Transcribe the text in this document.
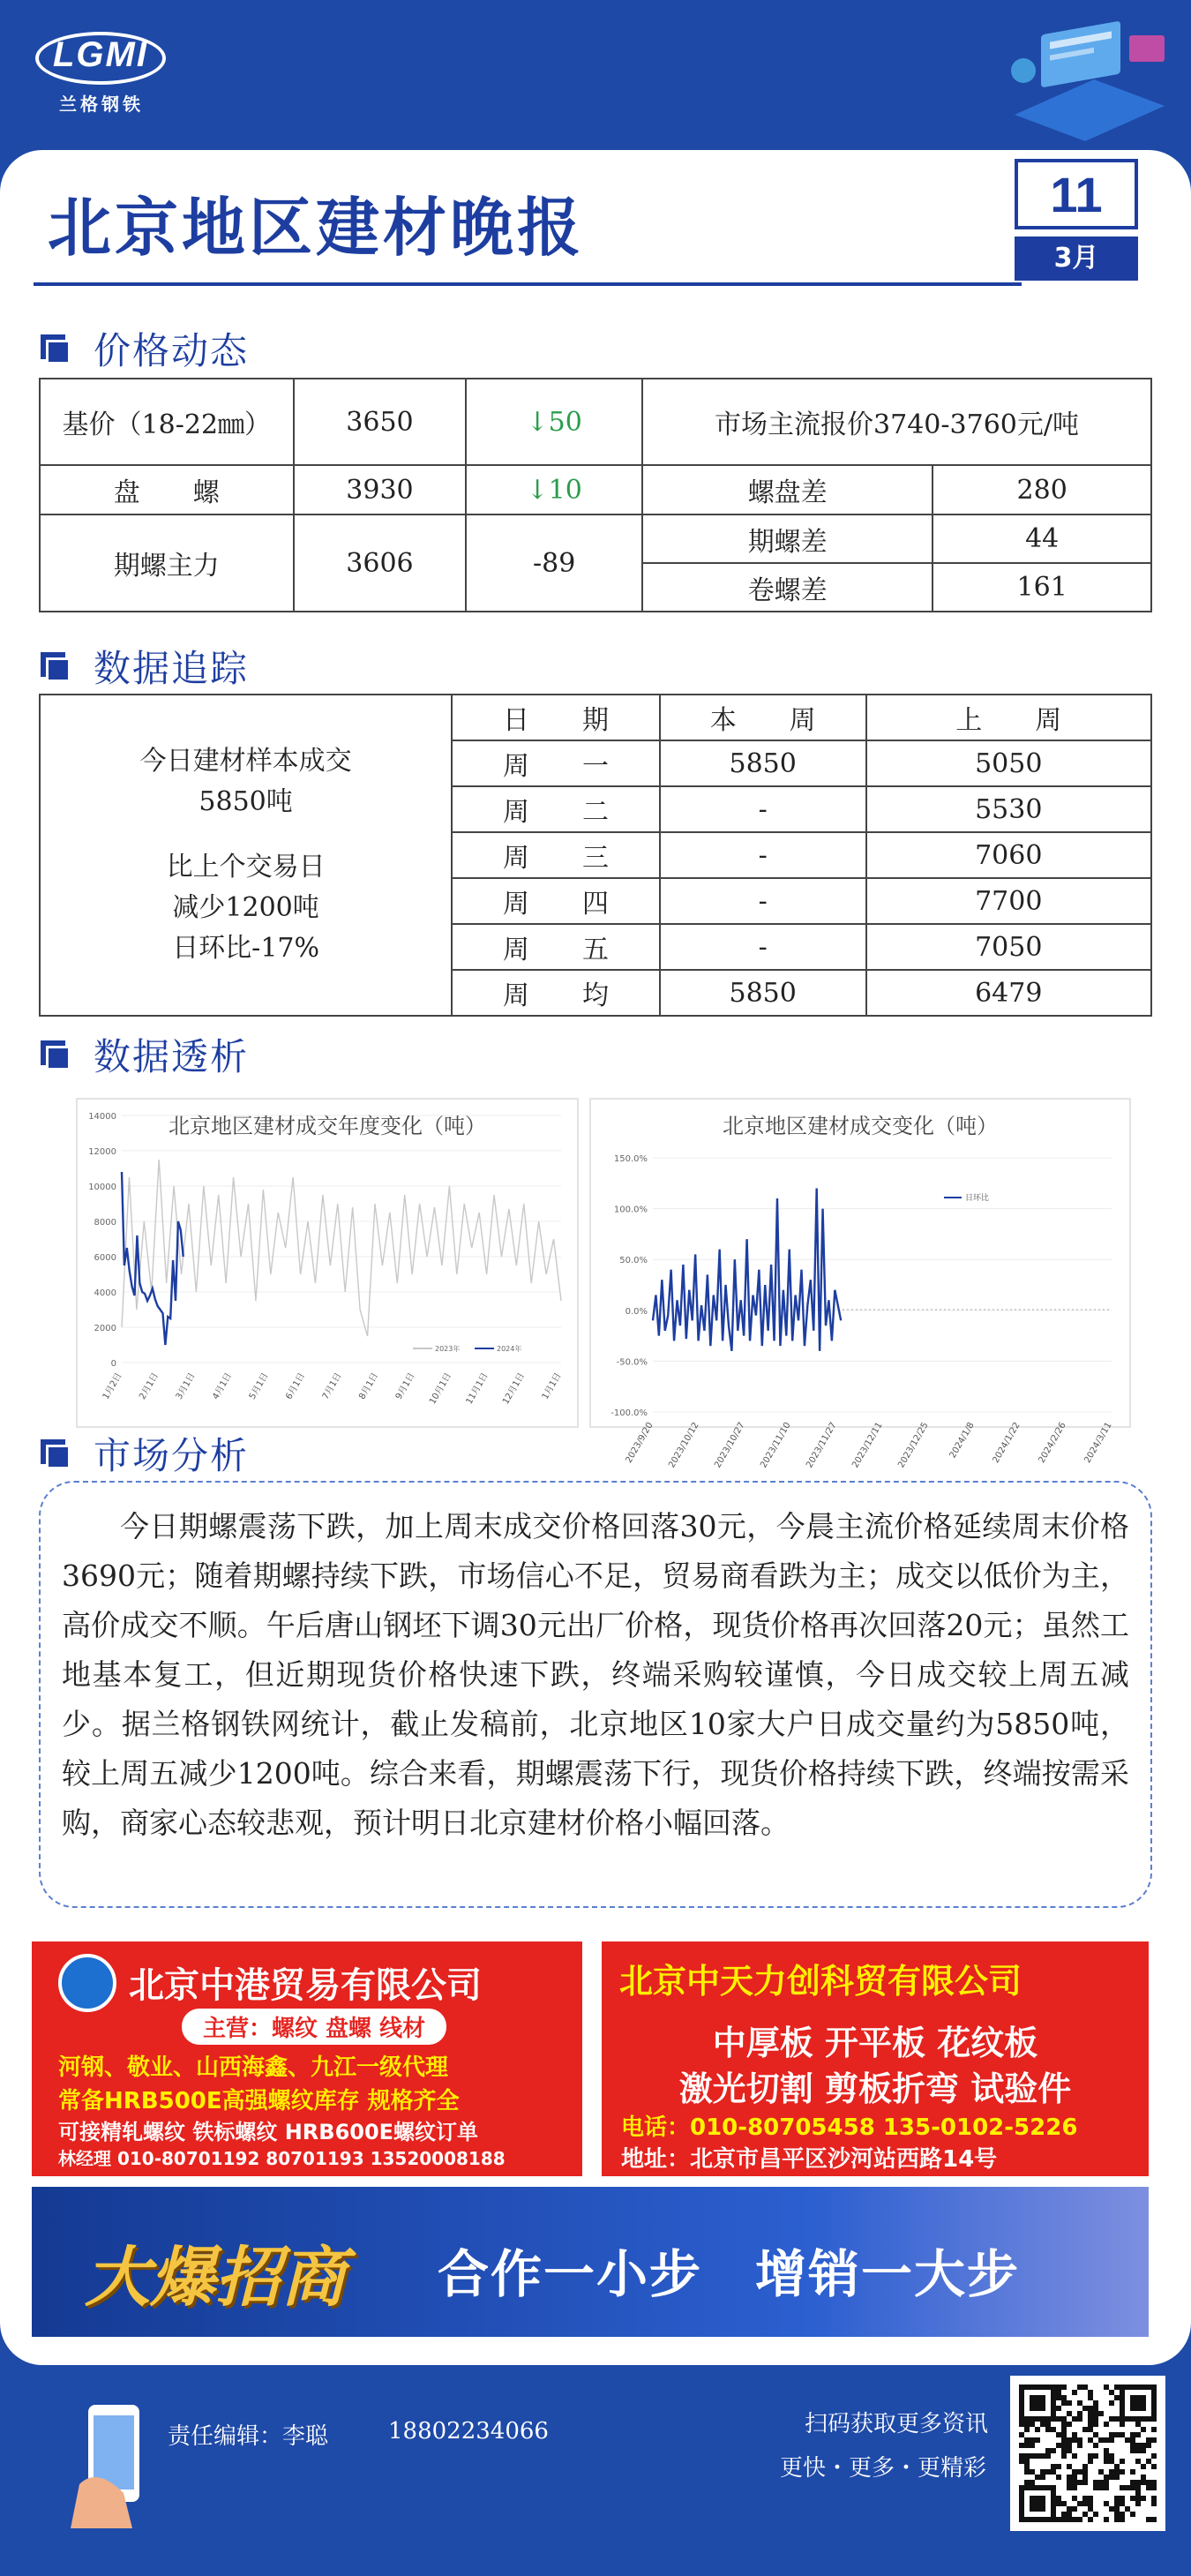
LGMI
兰格钢铁
北京地区建材晚报	11
3月
价格动态
基价（18-22㎜）	3650	↓50	市场主流报价3740-3760元/吨	
盘　　螺	3930	↓10	螺盘差	280
期螺主力	3606	-89	期螺差	44
			卷螺差	161
数据追踪
今日建材样本成交
5850吨
比上个交易日
减少1200吨
日环比-17%	日　　期	本　　周	上　　周
	周　　一	5850	5050
	周　　二	-	5530
	周　　三	-	7060
	周　　四	-	7700
	周　　五	-	7050
	周　　均	5850	6479
数据透析
北京地区建材成交年度变化（吨）
14000
12000
10000
8000
6000
4000
2000
0
1月2日 2月1日 3月1日 4月1日 5月1日 6月1日 7月1日 8月1日 9月1日 10月1日 11月1日 12月1日 1月1日
2023年	2024年
北京地区建材成交变化（吨）
150.0%
100.0%
50.0%
0.0%
-50.0%
-100.0%
2023/9/20 2023/10/12 2023/10/27 2023/11/10 2023/11/27 2023/12/11 2023/12/25 2024/1/8 2024/1/22 2024/2/26 2024/3/11
日环比
市场分析
今日期螺震荡下跌，加上周末成交价格回落30元，今晨主流价格延续周末价格3690元；随着期螺持续下跌，市场信心不足，贸易商看跌为主；成交以低价为主，高价成交不顺。午后唐山钢坯下调30元出厂价格，现货价格再次回落20元；虽然工地基本复工，但近期现货价格快速下跌，终端采购较谨慎，今日成交较上周五减少。据兰格钢铁网统计，截止发稿前，北京地区10家大户日成交量约为5850吨，较上周五减少1200吨。综合来看，期螺震荡下行，现货价格持续下跌，终端按需采购，商家心态较悲观，预计明日北京建材价格小幅回落。
北京中港贸易有限公司
主营：螺纹 盘螺 线材
河钢、敬业、山西海鑫、九江一级代理
常备HRB500E高强螺纹库存 规格齐全
可接精轧螺纹 铁标螺纹 HRB600E螺纹订单
林经理 010-80701192 80701193 13520008188
北京中天力创科贸有限公司
中厚板 开平板 花纹板
激光切割 剪板折弯 试验件
电话：010-80705458 135-0102-5226
地址：北京市昌平区沙河站西路14号
大爆招商 合作一小步　增销一大步
责任编辑：李聪	18802234066	扫码获取更多资讯
更快・更多・更精彩
